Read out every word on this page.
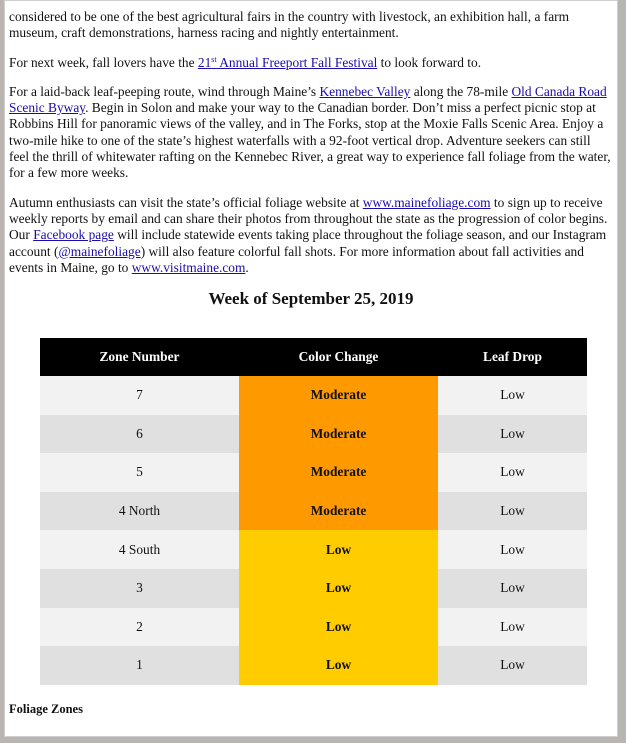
considered to be one of the best agricultural fairs in the country with livestock, an exhibition hall, a farm museum, craft demonstrations, harness racing and nightly entertainment.

For next week, fall lovers have the 21st Annual Freeport Fall Festival to look forward to.

For a laid-back leaf-peeping route, wind through Maine’s Kennebec Valley along the 78-mile Old Canada Road Scenic Byway. Begin in Solon and make your way to the Canadian border. Don’t miss a perfect picnic stop at Robbins Hill for panoramic views of the valley, and in The Forks, stop at the Moxie Falls Scenic Area. Enjoy a two-mile hike to one of the state’s highest waterfalls with a 92-foot vertical drop. Adventure seekers can still feel the thrill of whitewater rafting on the Kennebec River, a great way to experience fall foliage from the water, for a few more weeks.

Autumn enthusiasts can visit the state’s official foliage website at www.mainefoliage.com to sign up to receive weekly reports by email and can share their photos from throughout the state as the progression of color begins. Our Facebook page will include statewide events taking place throughout the foliage season, and our Instagram account (@mainefoliage) will also feature colorful fall shots. For more information about fall activities and events in Maine, go to www.visitmaine.com.

Week of September 25, 2019
Zone Number	Color Change	Leaf Drop
7	Moderate	Low
6	Moderate	Low
5	Moderate	Low
4 North	Moderate	Low
4 South	Low	Low
3	Low	Low
2	Low	Low
1	Low	Low
Foliage Zones
